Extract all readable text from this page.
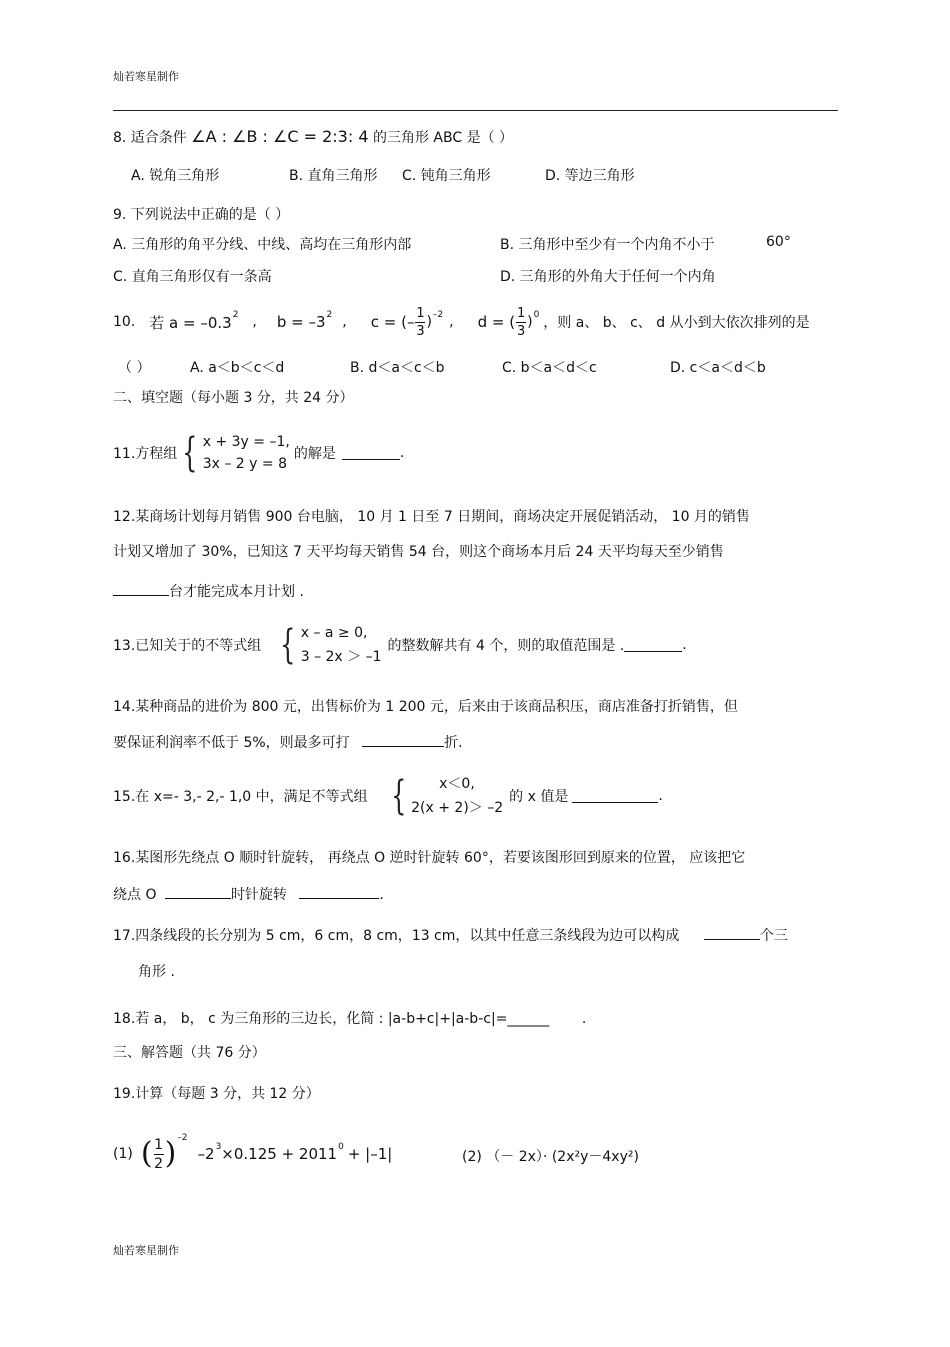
灿若寒星制作
8. 适合条件 ∠A : ∠B : ∠C = 2:3: 4 的三角形 ABC 是（ ）
A. 锐角三角形	B. 直角三角形 C. 钝角三角形	D. 等边三角形
9. 下列说法中正确的是（ ）
A. 三角形的角平分线、中线、高均在三角形内部	B. 三角形中至少有一个内角不小于	60°
C. 直角三角形仅有一条高	D. 三角形的外角大于任何一个内角
10. 若 a = –0.3 2 , b = –3 2 , c = (– $\frac{1}{3}$ ) –2 , d = ( $\frac{1}{3}$ ) 0 ，则 a、 b、 c、 d 从小到大依次排列的是
（ ）	A. a＜b＜c＜d	B. d＜a＜c＜b	C. b＜a＜d＜c	D. c＜a＜d＜b
二、填空题（每小题 3 分，共 24 分）
11.方程组 { x + 3y = –1,
3x – 2 y = 8
的解是	.
12.某商场计划每月销售 900 台电脑， 10 月 1 日至 7 日期间，商场决定开展促销活动， 10 月的销售
计划又增加了 30%，已知这 7 天平均每天销售 54 台，则这个商场本月后 24 天平均每天至少销售
台才能完成本月计划 .
13.已知关于的不等式组 { x – a ≥ 0,
3 – 2x ＞ –1
的整数解共有 4 个，则的取值范围是 .	.
14.某种商品的进价为 800 元，出售标价为 1 200 元，后来由于该商品积压，商店准备打折销售，但
要保证利润率不低于 5%，则最多可打	折.
15.在 x=- 3,- 2,- 1,0 中，满足不等式组 {	x＜0,
2(x + 2)＞ –2
的 x 值是	.
16.某图形先绕点 O 顺时针旋转， 再绕点 O 逆时针旋转 60°，若要该图形回到原来的位置， 应该把它
绕点 O	时针旋转	.
17.四条线段的长分别为 5 cm，6 cm，8 cm，13 cm，以其中任意三条线段为边可以构成	个三
角形 .
18.若 a， b， c 为三角形的三边长，化简 : |a-b+c|+|a-b-c|=______ .
三、解答题（共 76 分）
19.计算（每题 3 分，共 12 分）
(1) ( $\frac{1}{2}$ ) –2
–2 3 ×0.125 + 2011 0 + |–1|	(2) （－ 2x）· (2x²y－4xy²)
灿若寒星制作
